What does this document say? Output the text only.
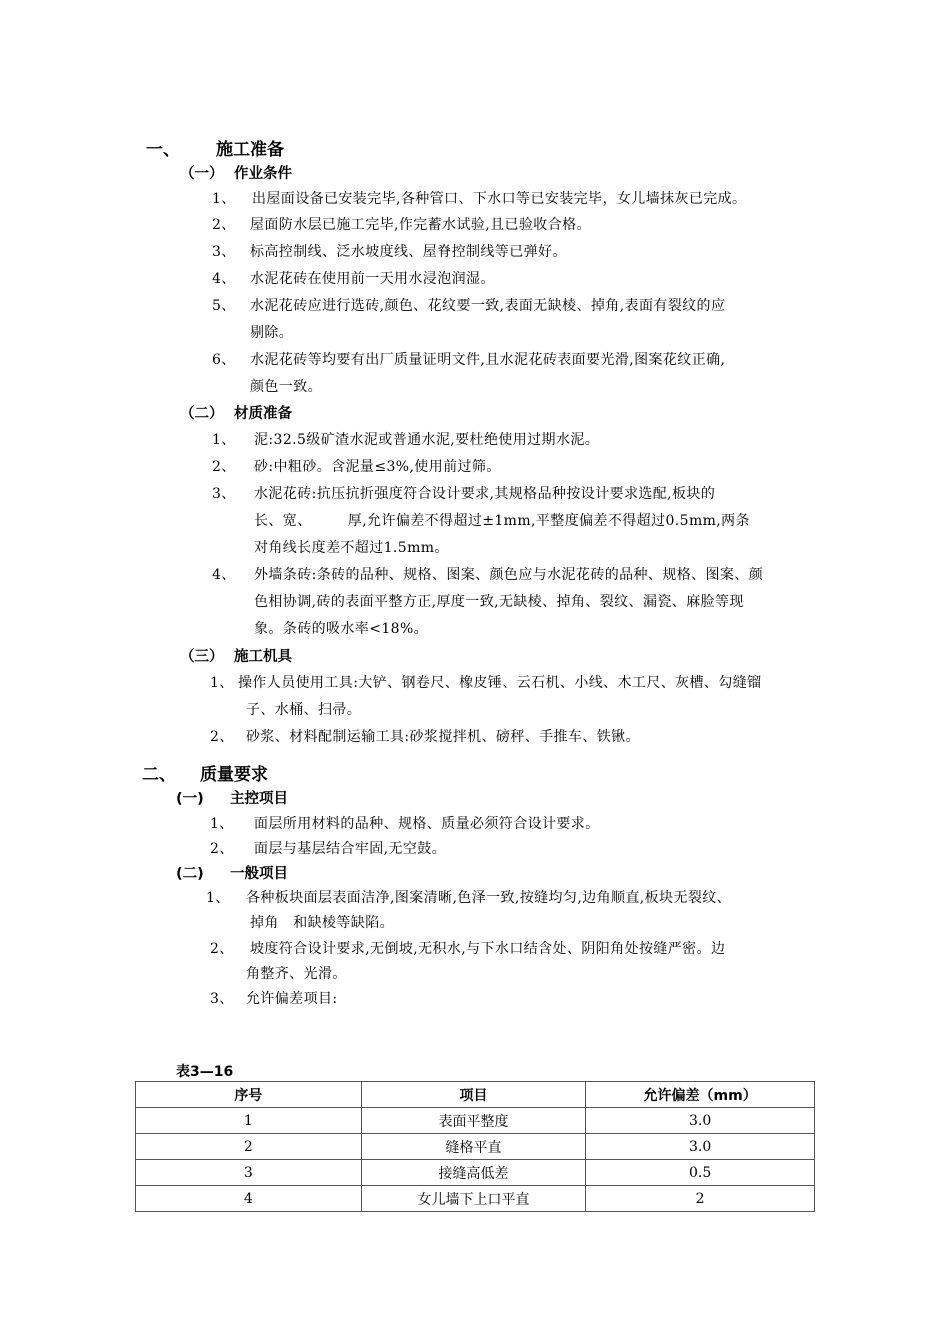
一、 施工准备
（一） 作业条件
1、 出屋面设备已安装完毕,各种管口、下水口等已安装完毕，女儿墙抹灰已完成。
2、 屋面防水层已施工完毕,作完蓄水试验,且已验收合格。
3、 标高控制线、泛水坡度线、屋脊控制线等已弹好。
4、 水泥花砖在使用前一天用水浸泡润湿。
5、 水泥花砖应进行选砖,颜色、花纹要一致,表面无缺棱、掉角,表面有裂纹的应
剔除。
6、 水泥花砖等均要有出厂质量证明文件,且水泥花砖表面要光滑,图案花纹正确,
颜色一致。
（二） 材质准备
1、 泥:32.5级矿渣水泥或普通水泥,要杜绝使用过期水泥。
2、 砂:中粗砂。含泥量≤3%,使用前过筛。
3、 水泥花砖:抗压抗折强度符合设计要求,其规格品种按设计要求选配,板块的
长、宽、　　　厚,允许偏差不得超过±1mm,平整度偏差不得超过0.5mm,两条
对角线长度差不超过1.5mm。
4、 外墙条砖:条砖的品种、规格、图案、颜色应与水泥花砖的品种、规格、图案、颜
色相协调,砖的表面平整方正,厚度一致,无缺棱、掉角、裂纹、漏瓷、麻脸等现
象。条砖的吸水率<18%。
（三） 施工机具
1、 操作人员使用工具:大铲、钢卷尺、橡皮锤、云石机、小线、木工尺、灰槽、勾缝镏
子、水桶、扫帚。
2、 砂浆、材料配制运输工具:砂浆搅拌机、磅秤、手推车、铁锹。
二、 质量要求
(一) 主控项目
1、 面层所用材料的品种、规格、质量必须符合设计要求。
2、 面层与基层结合牢固,无空鼓。
(二) 一般项目
1、 各种板块面层表面洁净,图案清晰,色泽一致,按缝均匀,边角顺直,板块无裂纹、
掉角　和缺棱等缺陷。
2、 坡度符合设计要求,无倒坡,无积水,与下水口结含处、阴阳角处按缝严密。边
角整齐、光滑。
3、 允许偏差项目:
表3—16
序号	项目	允许偏差（mm）
1	表面平整度	3.0
2	缝格平直	3.0
3	接缝高低差	0.5
4	女儿墙下上口平直	2
